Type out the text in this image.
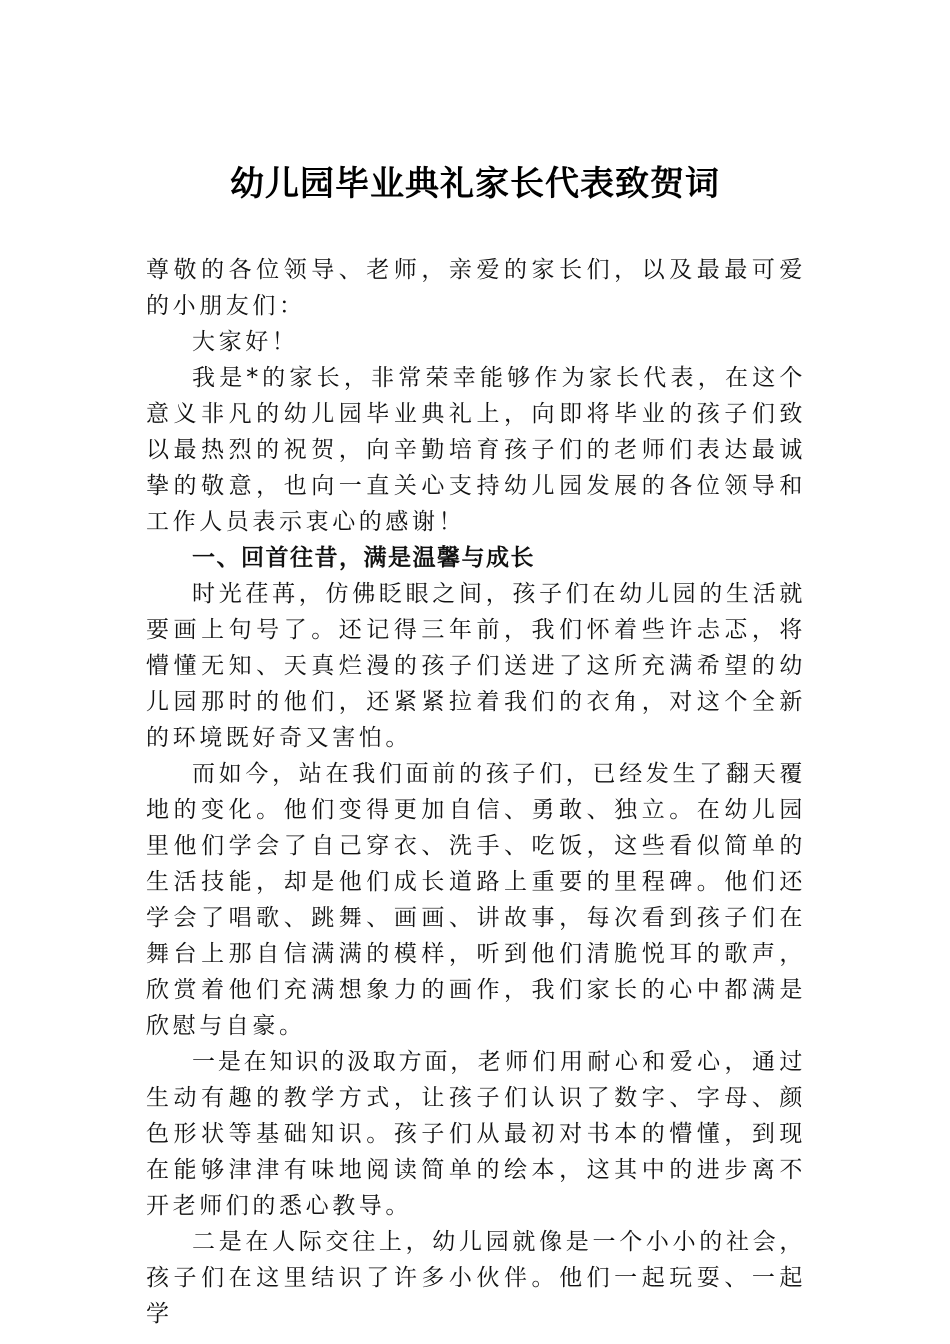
幼儿园毕业典礼家长代表致贺词

尊敬的各位领导、老师，亲爱的家长们，以及最最可爱的小朋友们：

大家好！

我是*的家长，非常荣幸能够作为家长代表，在这个意义非凡的幼儿园毕业典礼上，向即将毕业的孩子们致以最热烈的祝贺，向辛勤培育孩子们的老师们表达最诚挚的敬意，也向一直关心支持幼儿园发展的各位领导和工作人员表示衷心的感谢！

一、回首往昔，满是温馨与成长

时光荏苒，仿佛眨眼之间，孩子们在幼儿园的生活就要画上句号了。还记得三年前，我们怀着些许忐忑，将懵懂无知、天真烂漫的孩子们送进了这所充满希望的幼儿园那时的他们，还紧紧拉着我们的衣角，对这个全新的环境既好奇又害怕。

而如今，站在我们面前的孩子们，已经发生了翻天覆地的变化。他们变得更加自信、勇敢、独立。在幼儿园里他们学会了自己穿衣、洗手、吃饭，这些看似简单的生活技能，却是他们成长道路上重要的里程碑。他们还学会了唱歌、跳舞、画画、讲故事，每次看到孩子们在舞台上那自信满满的模样，听到他们清脆悦耳的歌声，欣赏着他们充满想象力的画作，我们家长的心中都满是欣慰与自豪。

一是在知识的汲取方面，老师们用耐心和爱心，通过生动有趣的教学方式，让孩子们认识了数字、字母、颜色形状等基础知识。孩子们从最初对书本的懵懂，到现在能够津津有味地阅读简单的绘本，这其中的进步离不开老师们的悉心教导。

二是在人际交往上，幼儿园就像是一个小小的社会，孩子们在这里结识了许多小伙伴。他们一起玩耍、一起学
